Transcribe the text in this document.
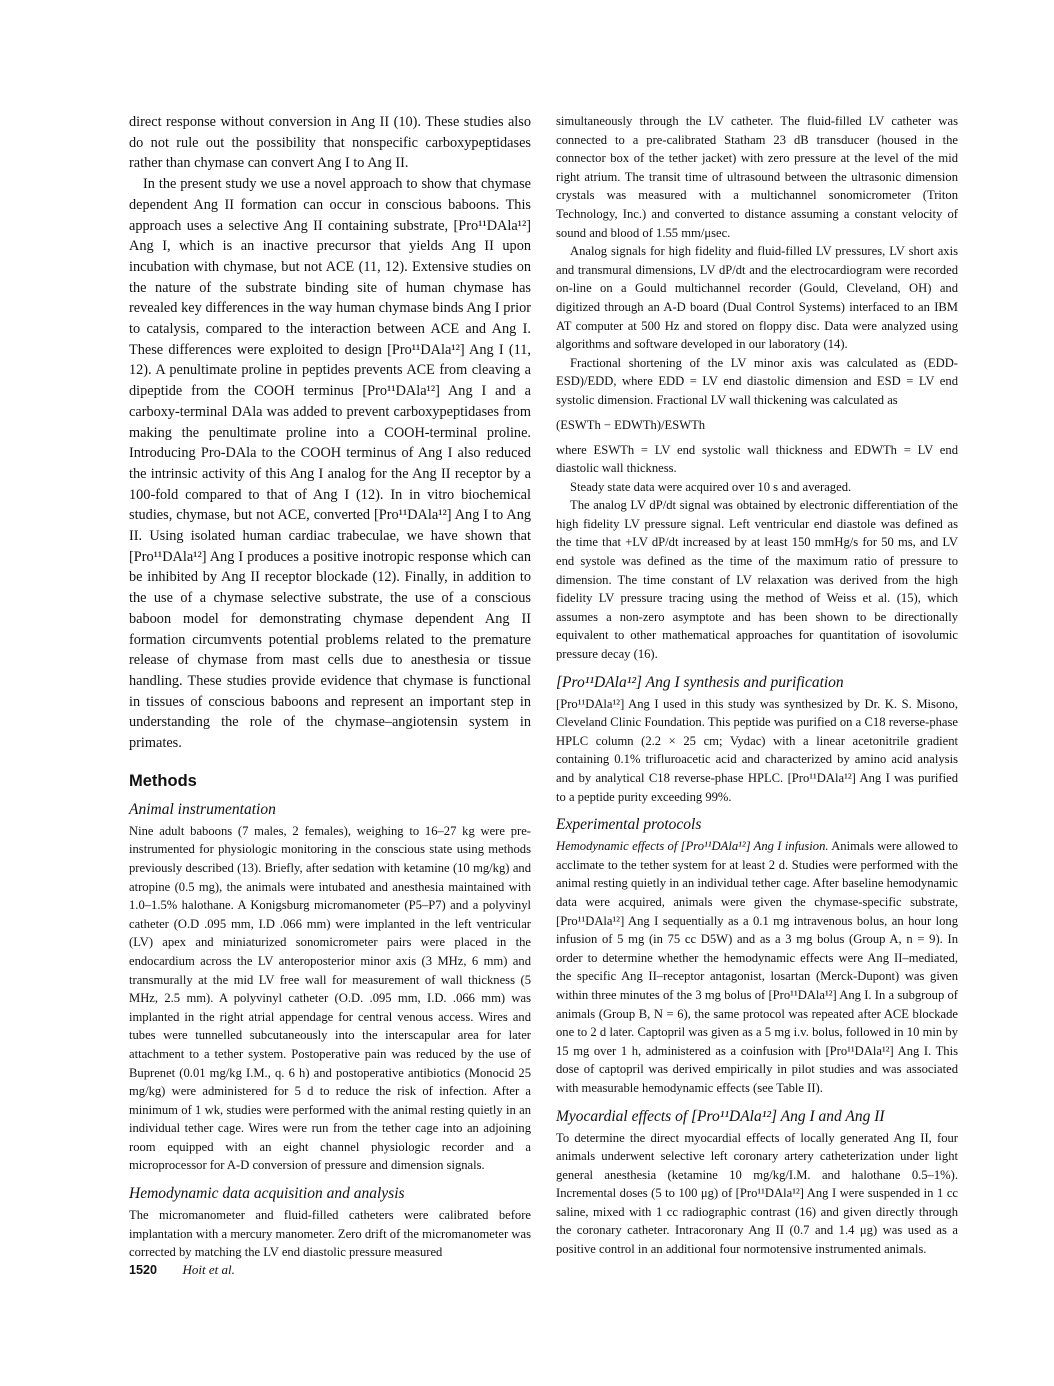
direct response without conversion in Ang II (10). These studies also do not rule out the possibility that nonspecific carboxypeptidases rather than chymase can convert Ang I to Ang II.

In the present study we use a novel approach to show that chymase dependent Ang II formation can occur in conscious baboons. This approach uses a selective Ang II containing substrate, [Pro¹¹DAla¹²] Ang I, which is an inactive precursor that yields Ang II upon incubation with chymase, but not ACE (11, 12). Extensive studies on the nature of the substrate binding site of human chymase has revealed key differences in the way human chymase binds Ang I prior to catalysis, compared to the interaction between ACE and Ang I. These differences were exploited to design [Pro¹¹DAla¹²] Ang I (11, 12). A penultimate proline in peptides prevents ACE from cleaving a dipeptide from the COOH terminus [Pro¹¹DAla¹²] Ang I and a carboxy-terminal DAla was added to prevent carboxypeptidases from making the penultimate proline into a COOH-terminal proline. Introducing Pro-DAla to the COOH terminus of Ang I also reduced the intrinsic activity of this Ang I analog for the Ang II receptor by a 100-fold compared to that of Ang I (12). In in vitro biochemical studies, chymase, but not ACE, converted [Pro¹¹DAla¹²] Ang I to Ang II. Using isolated human cardiac trabeculae, we have shown that [Pro¹¹DAla¹²] Ang I produces a positive inotropic response which can be inhibited by Ang II receptor blockade (12). Finally, in addition to the use of a chymase selective substrate, the use of a conscious baboon model for demonstrating chymase dependent Ang II formation circumvents potential problems related to the premature release of chymase from mast cells due to anesthesia or tissue handling. These studies provide evidence that chymase is functional in tissues of conscious baboons and represent an important step in understanding the role of the chymase–angiotensin system in primates.

Methods
Animal instrumentation

Nine adult baboons (7 males, 2 females), weighing to 16–27 kg were pre-instrumented for physiologic monitoring in the conscious state using methods previously described (13). Briefly, after sedation with ketamine (10 mg/kg) and atropine (0.5 mg), the animals were intubated and anesthesia maintained with 1.0–1.5% halothane. A Konigsburg micromanometer (P5–P7) and a polyvinyl catheter (O.D .095 mm, I.D .066 mm) were implanted in the left ventricular (LV) apex and miniaturized sonomicrometer pairs were placed in the endocardium across the LV anteroposterior minor axis (3 MHz, 6 mm) and transmurally at the mid LV free wall for measurement of wall thickness (5 MHz, 2.5 mm). A polyvinyl catheter (O.D. .095 mm, I.D. .066 mm) was implanted in the right atrial appendage for central venous access. Wires and tubes were tunnelled subcutaneously into the interscapular area for later attachment to a tether system. Postoperative pain was reduced by the use of Buprenet (0.01 mg/kg I.M., q. 6 h) and postoperative antibiotics (Monocid 25 mg/kg) were administered for 5 d to reduce the risk of infection. After a minimum of 1 wk, studies were performed with the animal resting quietly in an individual tether cage. Wires were run from the tether cage into an adjoining room equipped with an eight channel physiologic recorder and a microprocessor for A-D conversion of pressure and dimension signals.

Hemodynamic data acquisition and analysis

The micromanometer and fluid-filled catheters were calibrated before implantation with a mercury manometer. Zero drift of the micromanometer was corrected by matching the LV end diastolic pressure measured

simultaneously through the LV catheter. The fluid-filled LV catheter was connected to a pre-calibrated Statham 23 dB transducer (housed in the connector box of the tether jacket) with zero pressure at the level of the mid right atrium. The transit time of ultrasound between the ultrasonic dimension crystals was measured with a multichannel sonomicrometer (Triton Technology, Inc.) and converted to distance assuming a constant velocity of sound and blood of 1.55 mm/μsec.

Analog signals for high fidelity and fluid-filled LV pressures, LV short axis and transmural dimensions, LV dP/dt and the electrocardiogram were recorded on-line on a Gould multichannel recorder (Gould, Cleveland, OH) and digitized through an A-D board (Dual Control Systems) interfaced to an IBM AT computer at 500 Hz and stored on floppy disc. Data were analyzed using algorithms and software developed in our laboratory (14).

Fractional shortening of the LV minor axis was calculated as (EDD-ESD)/EDD, where EDD = LV end diastolic dimension and ESD = LV end systolic dimension. Fractional LV wall thickening was calculated as

(ESWTh − EDWTh)/ESWTh

where ESWTh = LV end systolic wall thickness and EDWTh = LV end diastolic wall thickness.

Steady state data were acquired over 10 s and averaged.

The analog LV dP/dt signal was obtained by electronic differentiation of the high fidelity LV pressure signal. Left ventricular end diastole was defined as the time that +LV dP/dt increased by at least 150 mmHg/s for 50 ms, and LV end systole was defined as the time of the maximum ratio of pressure to dimension. The time constant of LV relaxation was derived from the high fidelity LV pressure tracing using the method of Weiss et al. (15), which assumes a non-zero asymptote and has been shown to be directionally equivalent to other mathematical approaches for quantitation of isovolumic pressure decay (16).

[Pro¹¹DAla¹²] Ang I synthesis and purification

[Pro¹¹DAla¹²] Ang I used in this study was synthesized by Dr. K. S. Misono, Cleveland Clinic Foundation. This peptide was purified on a C18 reverse-phase HPLC column (2.2 × 25 cm; Vydac) with a linear acetonitrile gradient containing 0.1% trifluroacetic acid and characterized by amino acid analysis and by analytical C18 reverse-phase HPLC. [Pro¹¹DAla¹²] Ang I was purified to a peptide purity exceeding 99%.

Experimental protocols

Hemodynamic effects of [Pro¹¹DAla¹²] Ang I infusion. Animals were allowed to acclimate to the tether system for at least 2 d. Studies were performed with the animal resting quietly in an individual tether cage. After baseline hemodynamic data were acquired, animals were given the chymase-specific substrate, [Pro¹¹DAla¹²] Ang I sequentially as a 0.1 mg intravenous bolus, an hour long infusion of 5 mg (in 75 cc D5W) and as a 3 mg bolus (Group A, n = 9). In order to determine whether the hemodynamic effects were Ang II–mediated, the specific Ang II–receptor antagonist, losartan (Merck-Dupont) was given within three minutes of the 3 mg bolus of [Pro¹¹DAla¹²] Ang I. In a subgroup of animals (Group B, N = 6), the same protocol was repeated after ACE blockade one to 2 d later. Captopril was given as a 5 mg i.v. bolus, followed in 10 min by 15 mg over 1 h, administered as a coinfusion with [Pro¹¹DAla¹²] Ang I. This dose of captopril was derived empirically in pilot studies and was associated with measurable hemodynamic effects (see Table II).

Myocardial effects of [Pro¹¹DAla¹²] Ang I and Ang II

To determine the direct myocardial effects of locally generated Ang II, four animals underwent selective left coronary artery catheterization under light general anesthesia (ketamine 10 mg/kg/I.M. and halothane 0.5–1%). Incremental doses (5 to 100 μg) of [Pro¹¹DAla¹²] Ang I were suspended in 1 cc saline, mixed with 1 cc radiographic contrast (16) and given directly through the coronary catheter. Intracoronary Ang II (0.7 and 1.4 μg) was used as a positive control in an additional four normotensive instrumented animals.

1520 Hoit et al.
